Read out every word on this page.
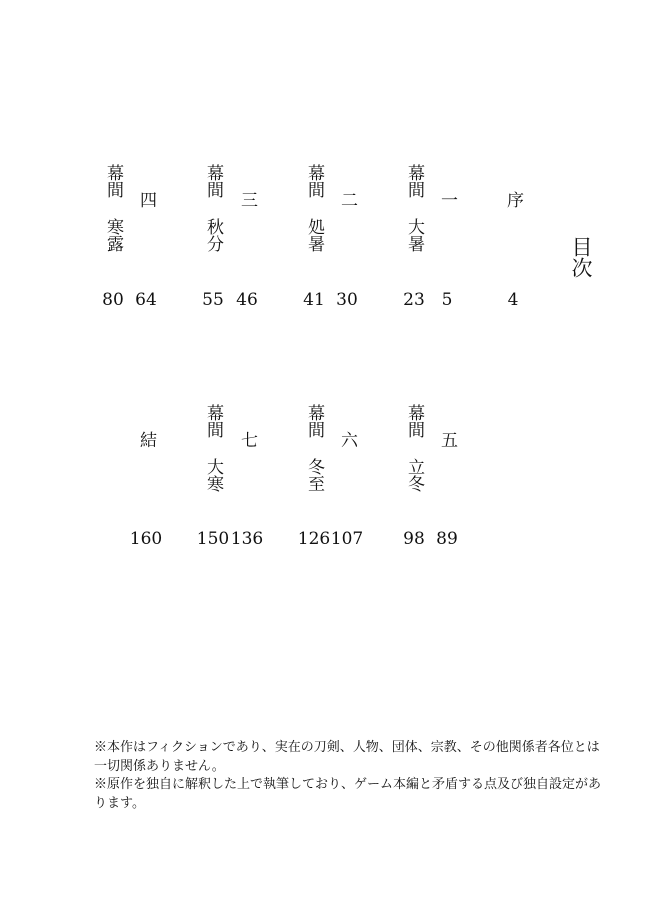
目次
序
4
一
5
幕間
大暑
23
二
30
幕間
処暑
41
三
46
幕間
秋分
55
四
64
幕間
寒露
80
五
89
幕間
立冬
98
六
107
幕間
冬至
126
七
136
幕間
大寒
150
結
160

※本作はフィクションであり、実在の刀剣、人物、団体、宗教、その他関係者各位とは一切関係ありません。

※原作を独自に解釈した上で執筆しており、ゲーム本編と矛盾する点及び独自設定があります。
